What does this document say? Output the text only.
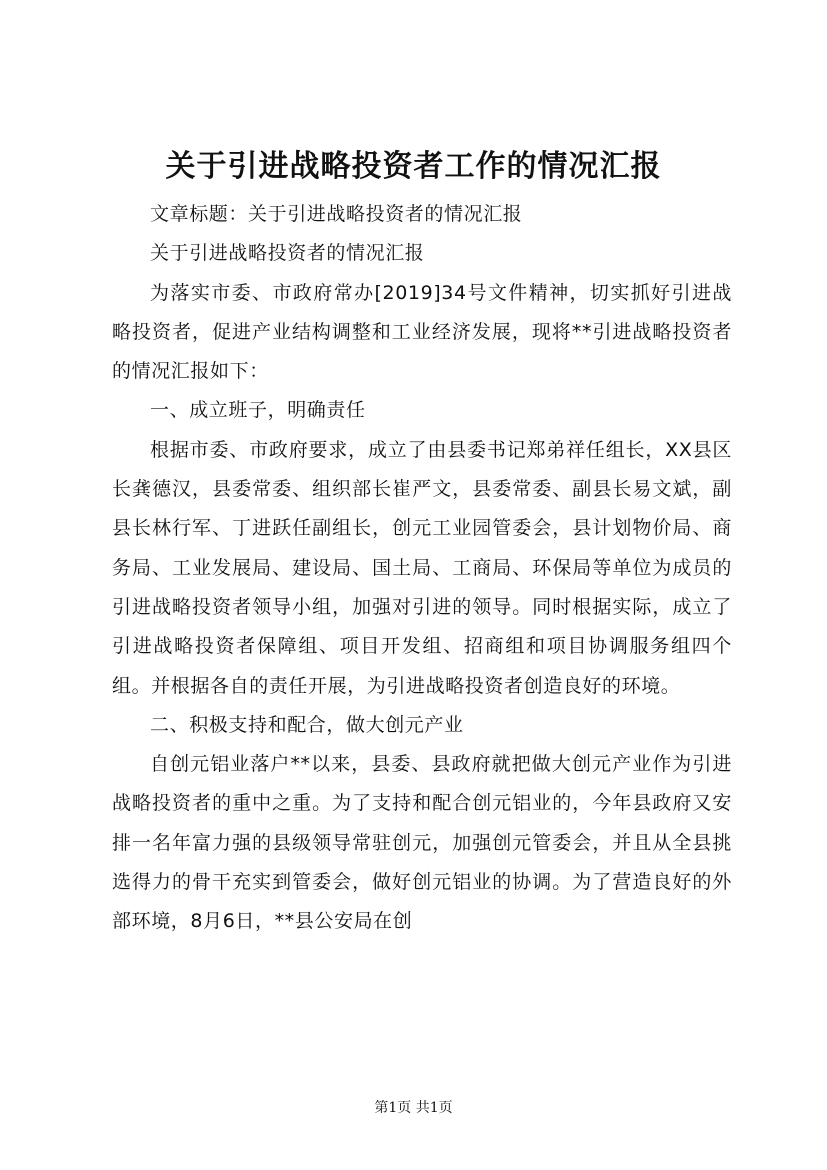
关于引进战略投资者工作的情况汇报

文章标题：关于引进战略投资者的情况汇报

关于引进战略投资者的情况汇报

为落实市委、市政府常办[2019]34号文件精神，切实抓好引进战略投资者，促进产业结构调整和工业经济发展，现将**引进战略投资者的情况汇报如下：

一、成立班子，明确责任

根据市委、市政府要求，成立了由县委书记郑弟祥任组长，XX县区长龚德汉，县委常委、组织部长崔严文，县委常委、副县长易文斌，副县长林行军、丁进跃任副组长，创元工业园管委会，县计划物价局、商务局、工业发展局、建设局、国土局、工商局、环保局等单位为成员的引进战略投资者领导小组，加强对引进的领导。同时根据实际，成立了引进战略投资者保障组、项目开发组、招商组和项目协调服务组四个组。并根据各自的责任开展，为引进战略投资者创造良好的环境。

二、积极支持和配合，做大创元产业

自创元铝业落户**以来，县委、县政府就把做大创元产业作为引进战略投资者的重中之重。为了支持和配合创元铝业的，今年县政府又安排一名年富力强的县级领导常驻创元，加强创元管委会，并且从全县挑选得力的骨干充实到管委会，做好创元铝业的协调。为了营造良好的外部环境，8月6日，**县公安局在创

第1页 共1页
